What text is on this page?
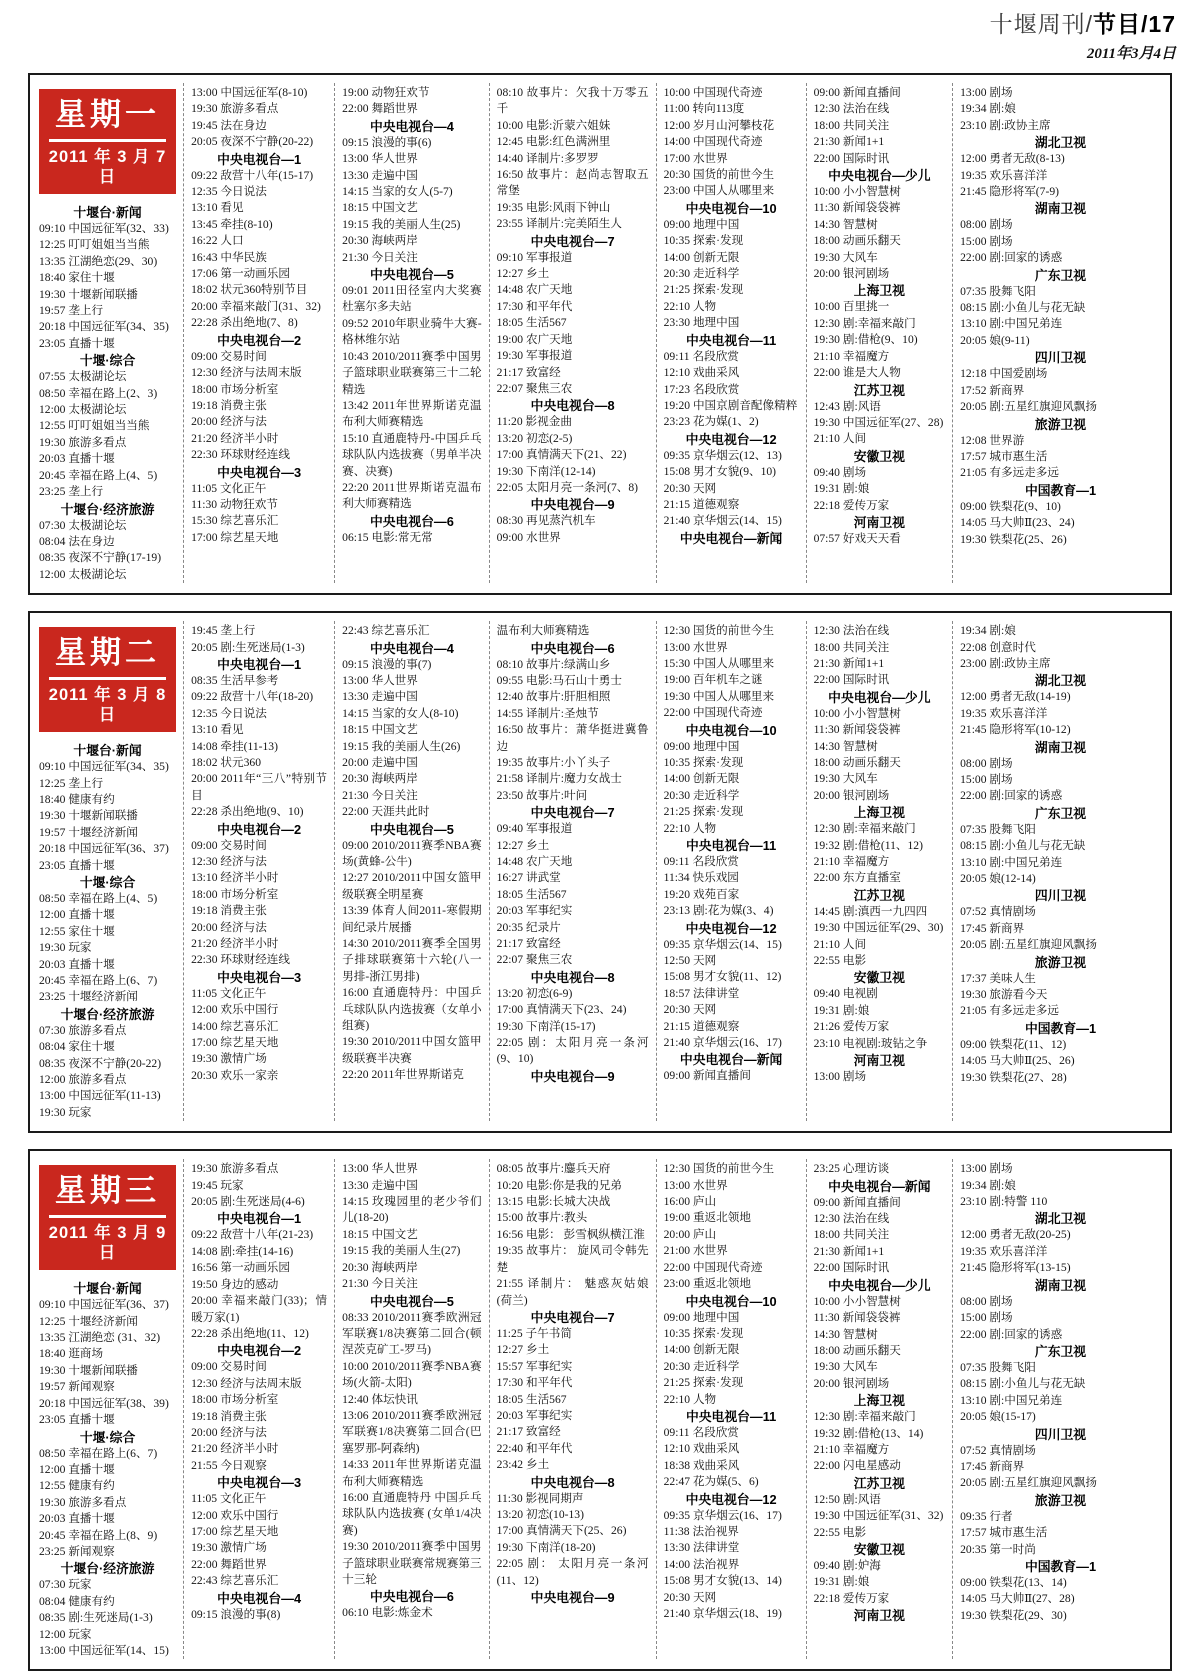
十堰周刊/节目/17
2011年3月4日
星期一
2011 年 3 月 7 日
十堰台·新闻
09:10 中国远征军(32、33)
12:25 叮叮姐姐当当熊
13:35 江湖绝恋(29、30)
18:40 家住十堰
19:30 十堰新闻联播
19:57 垄上行
20:18 中国远征军(34、35)
23:05 直播十堰
十堰·综合
07:55 太极湖论坛
08:50 幸福在路上(2、3)
12:00 太极湖论坛
12:55 叮叮姐姐当当熊
19:30 旅游多看点
20:03 直播十堰
20:45 幸福在路上(4、5)
23:25 垄上行
十堰台·经济旅游
07:30 太极湖论坛
08:04 法在身边
08:35 夜深不宁静(17-19)
12:00 太极湖论坛
13:00 中国远征军(8-10)
19:30 旅游多看点
19:45 法在身边
20:05 夜深不宁静(20-22)
中央电视台—1
09:22 敌营十八年(15-17)
12:35 今日说法
13:10 看见
13:45 牵挂(8-10)
16:22 人口
16:43 中华民族
17:06 第一动画乐园
18:02 状元360特别节目
20:00 幸福来敲门(31、32)
22:28 杀出绝地(7、8)
中央电视台—2
09:00 交易时间
12:30 经济与法周末版
18:00 市场分析室
19:18 消费主张
20:00 经济与法
21:20 经济半小时
22:30 环球财经连线
中央电视台—3
11:05 文化正午
11:30 动物狂欢节
15:30 综艺喜乐汇
17:00 综艺星天地
19:00 动物狂欢节
22:00 舞蹈世界
中央电视台—4
09:15 浪漫的事(6)
13:00 华人世界
13:30 走遍中国
14:15 当家的女人(5-7)
18:15 中国文艺
19:15 我的美丽人生(25)
20:30 海峡两岸
21:30 今日关注
中央电视台—5
09:01 2011田径室内大奖赛杜塞尔多夫站
09:52 2010年职业骑牛大赛-格林维尔站
10:43 2010/2011赛季中国男子篮球职业联赛第三十二轮精选
13:42 2011年世界斯诺克温布利大师赛精选
15:10 直通鹿特丹-中国乒乓球队队内选拔赛（男单半决赛、决赛)
22:20 2011世界斯诺克温布利大师赛精选
中央电视台—6
06:15 电影:常无常
08:10 故事片：欠我十万零五千
10:00 电影:沂蒙六姐妹
12:45 电影:红色满洲里
14:40 译制片:多罗罗
16:50 故事片：赵尚志智取五常堡
19:35 电影:风雨下钟山
23:55 译制片:完美陌生人
中央电视台—7
09:10 军事报道
12:27 乡土
14:48 农广天地
17:30 和平年代
18:05 生活567
19:00 农广天地
19:30 军事报道
21:17 致富经
22:07 聚焦三农
中央电视台—8
11:20 影视金曲
13:20 初恋(2-5)
17:00 真情满天下(21、22)
19:30 下南洋(12-14)
22:05 太阳月亮一条河(7、8)
中央电视台—9
08:30 再见蒸汽机车
09:00 水世界
10:00 中国现代奇迹
11:00 转向113度
12:00 岁月山河攀枝花
14:00 中国现代奇迹
17:00 水世界
20:30 国货的前世今生
23:00 中国人从哪里来
中央电视台—10
09:00 地理中国
10:35 探索·发现
14:00 创新无限
20:30 走近科学
21:25 探索·发现
22:10 人物
23:30 地理中国
中央电视台—11
09:11 名段欣赏
12:10 戏曲采风
17:23 名段欣赏
19:20 中国京剧音配像精粹
23:23 花为媒(1、2)
中央电视台—12
09:35 京华烟云(12、13)
15:08 男才女貌(9、10)
20:30 天网
21:15 道德观察
21:40 京华烟云(14、15)
中央电视台—新闻
09:00 新闻直播间
12:30 法治在线
18:00 共同关注
21:30 新闻1+1
22:00 国际时讯
中央电视台—少儿
10:00 小小智慧树
11:30 新闻袋袋裤
14:30 智慧树
18:00 动画乐翻天
19:30 大风车
20:00 银河剧场
上海卫视
10:00 百里挑一
12:30 剧:幸福来敲门
19:30 剧:借枪(9、10)
21:10 幸福魔方
22:00 谁是大人物
江苏卫视
12:43 剧:风语
19:30 中国远征军(27、28)
21:10 人间
安徽卫视
09:40 剧场
19:31 剧:娘
22:18 爱传万家
河南卫视
07:57 好戏天天看
13:00 剧场
19:34 剧:娘
23:10 剧:政协主席
湖北卫视
12:00 勇者无敌(8-13)
19:35 欢乐喜洋洋
21:45 隐形将军(7-9)
湖南卫视
08:00 剧场
15:00 剧场
22:00 剧:回家的诱惑
广东卫视
07:35 股舞飞阳
08:15 剧:小鱼儿与花无缺
13:10 剧:中国兄弟连
20:05 娘(9-11)
四川卫视
12:18 中国爱剧场
17:52 新商界
20:05 剧:五星红旗迎风飘扬
旅游卫视
12:08 世界游
17:57 城市惠生活
21:05 有多远走多远
中国教育—1
09:00 铁梨花(9、10)
14:05 马大帅Ⅱ(23、24)
19:30 铁梨花(25、26)
星期二
2011 年 3 月 8 日
十堰台·新闻
09:10 中国远征军(34、35)
12:25 垄上行
18:40 健康有约
19:30 十堰新闻联播
19:57 十堰经济新闻
20:18 中国远征军(36、37)
23:05 直播十堰
十堰·综合
08:50 幸福在路上(4、5)
12:00 直播十堰
12:55 家住十堰
19:30 玩家
20:03 直播十堰
20:45 幸福在路上(6、7)
23:25 十堰经济新闻
十堰台·经济旅游
07:30 旅游多看点
08:04 家住十堰
08:35 夜深不宁静(20-22)
12:00 旅游多看点
13:00 中国远征军(11-13)
19:30 玩家
19:45 垄上行
20:05 剧:生死迷局(1-3)
中央电视台—1
08:35 生活早参考
09:22 敌营十八年(18-20)
12:35 今日说法
13:10 看见
14:08 牵挂(11-13)
18:02 状元360
20:00 2011年“三八”特别节目
22:28 杀出绝地(9、10)
中央电视台—2
09:00 交易时间
12:30 经济与法
13:10 经济半小时
18:00 市场分析室
19:18 消费主张
20:00 经济与法
21:20 经济半小时
22:30 环球财经连线
中央电视台—3
11:05 文化正午
12:00 欢乐中国行
14:00 综艺喜乐汇
17:00 综艺星天地
19:30 激情广场
20:30 欢乐一家亲
22:43 综艺喜乐汇
中央电视台—4
09:15 浪漫的事(7)
13:00 华人世界
13:30 走遍中国
14:15 当家的女人(8-10)
18:15 中国文艺
19:15 我的美丽人生(26)
20:00 走遍中国
20:30 海峡两岸
21:30 今日关注
22:00 天涯共此时
中央电视台—5
09:00 2010/2011赛季NBA赛场(黄蜂-公牛)
12:27 2010/2011中国女篮甲级联赛全明星赛
13:39 体育人间2011-寒假期间纪录片展播
14:30 2010/2011赛季全国男子排球联赛第十六轮(八一男排-浙江男排)
16:00 直通鹿特丹：中国乒乓球队队内选拔赛（女单小组赛)
19:30 2010/2011中国女篮甲级联赛半决赛
22:20 2011年世界斯诺克
温布利大师赛精选
中央电视台—6
08:10 故事片:绿满山乡
09:55 电影:马石山十勇士
12:40 故事片:肝胆相照
14:55 译制片:圣烛节
16:50 故事片：萧华挺进冀鲁边
19:35 故事片:小丫头子
21:58 译制片:魔力女战士
23:50 故事片:叶问
中央电视台—7
09:40 军事报道
12:27 乡土
14:48 农广天地
16:27 讲武堂
18:05 生活567
20:03 军事纪实
20:35 纪录片
21:17 致富经
22:07 聚焦三农
中央电视台—8
13:20 初恋(6-9)
17:00 真情满天下(23、24)
19:30 下南洋(15-17)
22:05 剧：太阳月亮一条河(9、10)
中央电视台—9
12:30 国货的前世今生
13:00 水世界
15:30 中国人从哪里来
19:00 百年机车之谜
19:30 中国人从哪里来
22:00 中国现代奇迹
中央电视台—10
09:00 地理中国
10:35 探索·发现
14:00 创新无限
20:30 走近科学
21:25 探索·发现
22:10 人物
中央电视台—11
09:11 名段欣赏
11:34 快乐戏园
19:20 戏苑百家
23:13 剧:花为媒(3、4)
中央电视台—12
09:35 京华烟云(14、15)
12:50 天网
15:08 男才女貌(11、12)
18:57 法律讲堂
20:30 天网
21:15 道德观察
21:40 京华烟云(16、17)
中央电视台—新闻
09:00 新闻直播间
12:30 法治在线
18:00 共同关注
21:30 新闻1+1
22:00 国际时讯
中央电视台—少儿
10:00 小小智慧树
11:30 新闻袋袋裤
14:30 智慧树
18:00 动画乐翻天
19:30 大风车
20:00 银河剧场
上海卫视
12:30 剧:幸福来敲门
19:32 剧:借枪(11、12)
21:10 幸福魔方
22:00 东方直播室
江苏卫视
14:45 剧:滇西一九四四
19:30 中国远征军(29、30)
21:10 人间
22:55 电影
安徽卫视
09:40 电视剧
19:31 剧:娘
21:26 爱传万家
23:10 电视剧:玻钻之争
河南卫视
13:00 剧场
19:34 剧:娘
22:08 创意时代
23:00 剧:政协主席
湖北卫视
12:00 勇者无敌(14-19)
19:35 欢乐喜洋洋
21:45 隐形将军(10-12)
湖南卫视
08:00 剧场
15:00 剧场
22:00 剧:回家的诱惑
广东卫视
07:35 股舞飞阳
08:15 剧:小鱼儿与花无缺
13:10 剧:中国兄弟连
20:05 娘(12-14)
四川卫视
07:52 真情剧场
17:45 新商界
20:05 剧:五星红旗迎风飘扬
旅游卫视
17:37 美味人生
19:30 旅游看今天
21:05 有多远走多远
中国教育—1
09:00 铁梨花(11、12)
14:05 马大帅Ⅱ(25、26)
19:30 铁梨花(27、28)
星期三
2011 年 3 月 9 日
十堰台·新闻
09:10 中国远征军(36、37)
12:25 十堰经济新闻
13:35 江湖绝恋 (31、32)
18:40 逛商场
19:30 十堰新闻联播
19:57 新闻观察
20:18 中国远征军(38、39)
23:05 直播十堰
十堰·综合
08:50 幸福在路上(6、7)
12:00 直播十堰
12:55 健康有约
19:30 旅游多看点
20:03 直播十堰
20:45 幸福在路上(8、9)
23:25 新闻观察
十堰台·经济旅游
07:30 玩家
08:04 健康有约
08:35 剧:生死迷局(1-3)
12:00 玩家
13:00 中国远征军(14、15)
19:30 旅游多看点
19:45 玩家
20:05 剧:生死迷局(4-6)
中央电视台—1
09:22 敌营十八年(21-23)
14:08 剧:牵挂(14-16)
16:56 第一动画乐园
19:50 身边的感动
20:00 幸福来敲门(33)；情暖万家(1)
22:28 杀出绝地(11、12)
中央电视台—2
09:00 交易时间
12:30 经济与法周末版
18:00 市场分析室
19:18 消费主张
20:00 经济与法
21:20 经济半小时
21:55 今日观察
中央电视台—3
11:05 文化正午
12:00 欢乐中国行
17:00 综艺星天地
19:30 激情广场
22:00 舞蹈世界
22:43 综艺喜乐汇
中央电视台—4
09:15 浪漫的事(8)
13:00 华人世界
13:30 走遍中国
14:15 玫瑰园里的老少爷们儿(18-20)
18:15 中国文艺
19:15 我的美丽人生(27)
20:30 海峡两岸
21:30 今日关注
中央电视台—5
08:33 2010/2011赛季欧洲冠军联赛1/8决赛第二回合(顿涅茨克矿工-罗马)
10:00 2010/2011赛季NBA赛场(火箭-太阳)
12:40 体坛快讯
13:06 2010/2011赛季欧洲冠军联赛1/8决赛第二回合(巴塞罗那-阿森纳)
14:33 2011年世界斯诺克温布利大师赛精选
16:00 直通鹿特丹 中国乒乓球队队内选拔赛 (女单1/4决赛)
19:30 2010/2011赛季中国男子篮球职业联赛常规赛第三十三轮
中央电视台—6
06:10 电影:炼金术
08:05 故事片:鏖兵天府
10:20 电影:你是我的兄弟
13:15 电影:长城大决战
15:00 故事片:教头
16:56 电影： 彭雪枫纵横江淮
19:35 故事片： 旋风司令韩先楚
21:55 译制片： 魅惑灰姑娘(荷兰)
中央电视台—7
11:25 子午书简
12:27 乡土
15:57 军事纪实
17:30 和平年代
18:05 生活567
20:03 军事纪实
21:17 致富经
22:40 和平年代
23:42 乡土
中央电视台—8
11:30 影视同期声
13:20 初恋(10-13)
17:00 真情满天下(25、26)
19:30 下南洋(18-20)
22:05 剧： 太阳月亮一条河(11、12)
中央电视台—9
12:30 国货的前世今生
13:00 水世界
16:00 庐山
19:00 重返北领地
20:00 庐山
21:00 水世界
22:00 中国现代奇迹
23:00 重返北领地
中央电视台—10
09:00 地理中国
10:35 探索·发现
14:00 创新无限
20:30 走近科学
21:25 探索·发现
22:10 人物
中央电视台—11
09:11 名段欣赏
12:10 戏曲采风
18:38 戏曲采风
22:47 花为媒(5、6)
中央电视台—12
09:35 京华烟云(16、17)
11:38 法治视界
13:30 法律讲堂
14:00 法治视界
15:08 男才女貌(13、14)
20:30 天网
21:40 京华烟云(18、19)
23:25 心理访谈
中央电视台—新闻
09:00 新闻直播间
12:30 法治在线
18:00 共同关注
21:30 新闻1+1
22:00 国际时讯
中央电视台—少儿
10:00 小小智慧树
11:30 新闻袋袋裤
14:30 智慧树
18:00 动画乐翻天
19:30 大风车
20:00 银河剧场
上海卫视
12:30 剧:幸福来敲门
19:32 剧:借枪(13、14)
21:10 幸福魔方
22:00 闪电星感动
江苏卫视
12:50 剧:风语
19:30 中国远征军(31、32)
22:55 电影
安徽卫视
09:40 剧:妒海
19:31 剧:娘
22:18 爱传万家
河南卫视
13:00 剧场
19:34 剧:娘
23:10 剧:特警 110
湖北卫视
12:00 勇者无敌(20-25)
19:35 欢乐喜洋洋
21:45 隐形将军(13-15)
湖南卫视
08:00 剧场
15:00 剧场
22:00 剧:回家的诱惑
广东卫视
07:35 股舞飞阳
08:15 剧:小鱼儿与花无缺
13:10 剧:中国兄弟连
20:05 娘(15-17)
四川卫视
07:52 真情剧场
17:45 新商界
20:05 剧:五星红旗迎风飘扬
旅游卫视
09:35 行者
17:57 城市惠生活
20:35 第一时尚
中国教育—1
09:00 铁梨花(13、14)
14:05 马大帅Ⅱ(27、28)
19:30 铁梨花(29、30)
